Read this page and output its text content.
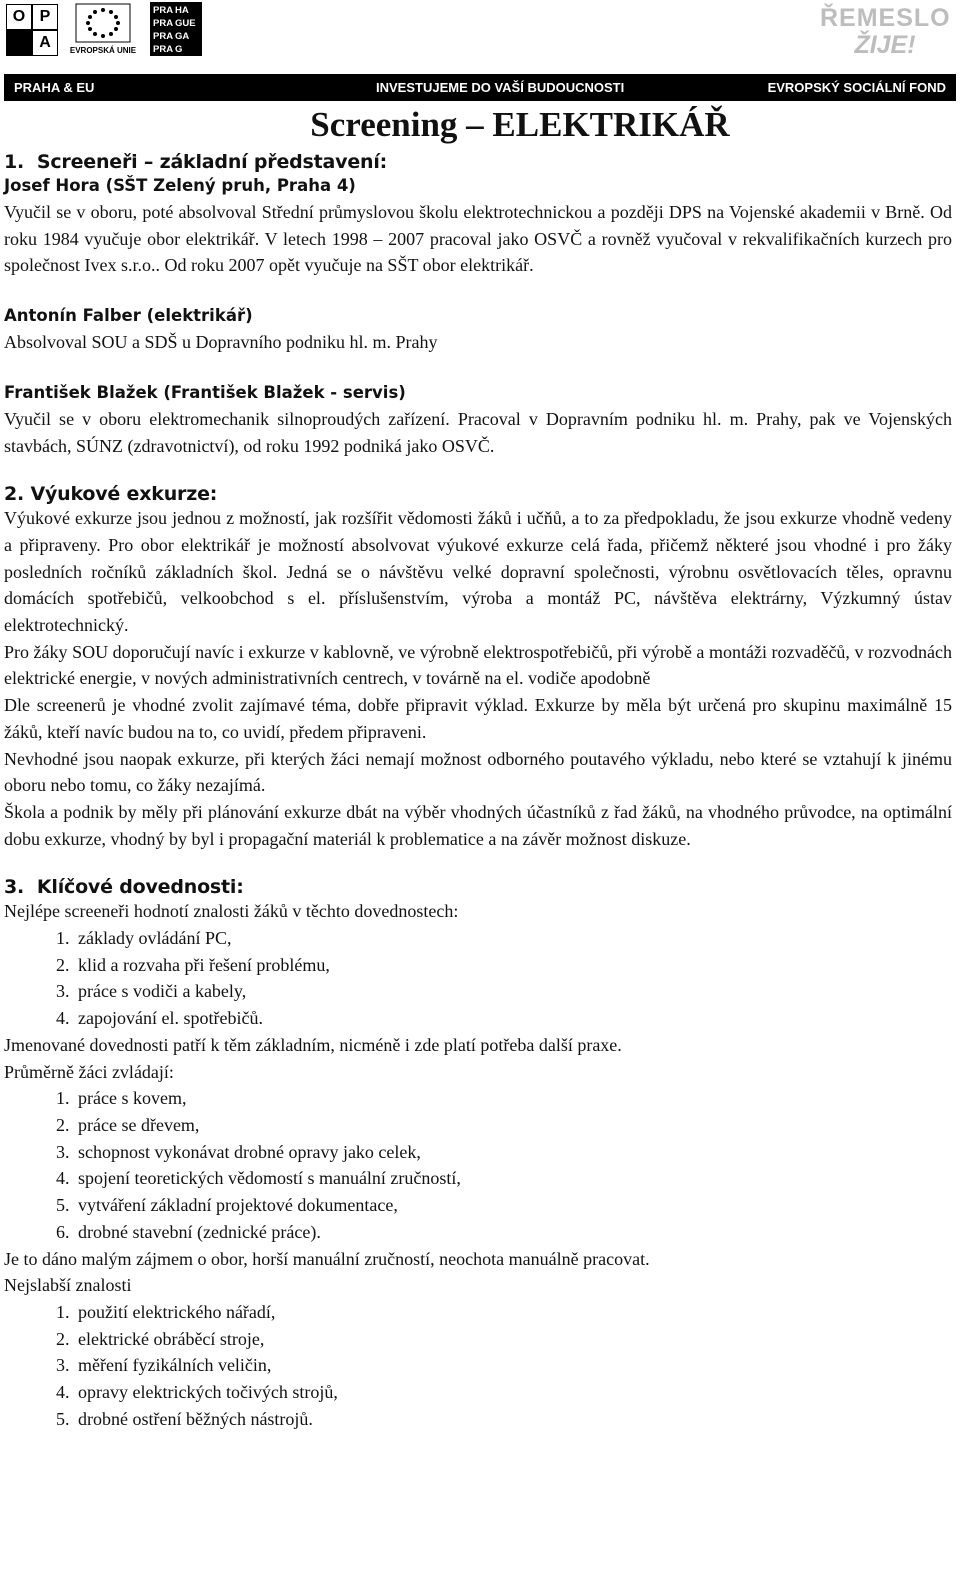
O P
A	EVROPSKÁ UNIE
PRA HA
PRA GUE
PRA GA
PRA G
ŘEMESLO
ŽIJE!
PRAHA & EU	INVESTUJEME DO VAŠÍ BUDOUCNOSTI	EVROPSKÝ SOCIÁLNÍ FOND
Screening – ELEKTRIKÁŘ
1.  Screeneři – základní představení:
Josef Hora (SŠT Zelený pruh, Praha 4)

Vyučil se v oboru, poté absolvoval Střední průmyslovou školu elektrotechnickou a později DPS na Vojenské akademii v Brně. Od roku 1984 vyučuje obor elektrikář. V letech 1998 – 2007 pracoval jako OSVČ a rovněž vyučoval v rekvalifikačních kurzech pro společnost Ivex s.r.o.. Od roku 2007 opět vyučuje na SŠT obor elektrikář.

Antonín Falber (elektrikář)

Absolvoval SOU a SDŠ u Dopravního podniku hl. m. Prahy

František Blažek (František Blažek - servis)

Vyučil se v oboru elektromechanik silnoproudých zařízení. Pracoval v Dopravním podniku hl. m. Prahy, pak ve Vojenských stavbách, SÚNZ (zdravotnictví), od roku 1992 podniká jako OSVČ.

2. Výukové exkurze:

Výukové exkurze jsou jednou z možností, jak rozšířit vědomosti žáků i učňů, a to za předpokladu, že jsou exkurze vhodně vedeny a připraveny. Pro obor elektrikář je možností absolvovat výukové exkurze celá řada, přičemž některé jsou vhodné i pro žáky posledních ročníků základních škol. Jedná se o návštěvu velké dopravní společnosti, výrobnu osvětlovacích těles, opravnu domácích spotřebičů, velkoobchod s el. příslušenstvím, výroba a montáž PC, návštěva elektrárny, Výzkumný ústav elektrotechnický.

Pro žáky SOU doporučují navíc i exkurze v kablovně, ve výrobně elektrospotřebičů, při výrobě a montáži rozvaděčů, v rozvodnách elektrické energie, v nových administrativních centrech, v továrně na el. vodiče apodobně

Dle screenerů je vhodné zvolit zajímavé téma, dobře připravit výklad. Exkurze by měla být určená pro skupinu maximálně 15 žáků, kteří navíc budou na to, co uvidí, předem připraveni.

Nevhodné jsou naopak exkurze, při kterých žáci nemají možnost odborného poutavého výkladu, nebo které se vztahují k jinému oboru nebo tomu, co žáky nezajímá.

Škola a podnik by měly při plánování exkurze dbát na výběr vhodných účastníků z řad žáků, na vhodného průvodce, na optimální dobu exkurze, vhodný by byl i propagační materiál k problematice a na závěr možnost diskuze.

3.  Klíčové dovednosti:

Nejlépe screeneři hodnotí znalosti žáků v těchto dovednostech:

1. základy ovládání PC,
2. klid a rozvaha při řešení problému,
3. práce s vodiči a kabely,
4. zapojování el. spotřebičů.

Jmenované dovednosti patří k těm základním, nicméně i zde platí potřeba další praxe.

Průměrně žáci zvládají:

1. práce s kovem,
2. práce se dřevem,
3. schopnost vykonávat drobné opravy jako celek,
4. spojení teoretických vědomostí s manuální zručností,
5. vytváření základní projektové dokumentace,
6. drobné stavební (zednické práce).

Je to dáno malým zájmem o obor, horší manuální zručností, neochota manuálně pracovat.

Nejslabší znalosti

1. použití elektrického nářadí,
2. elektrické obráběcí stroje,
3. měření fyzikálních veličin,
4. opravy elektrických točivých strojů,
5. drobné ostření běžných nástrojů.
